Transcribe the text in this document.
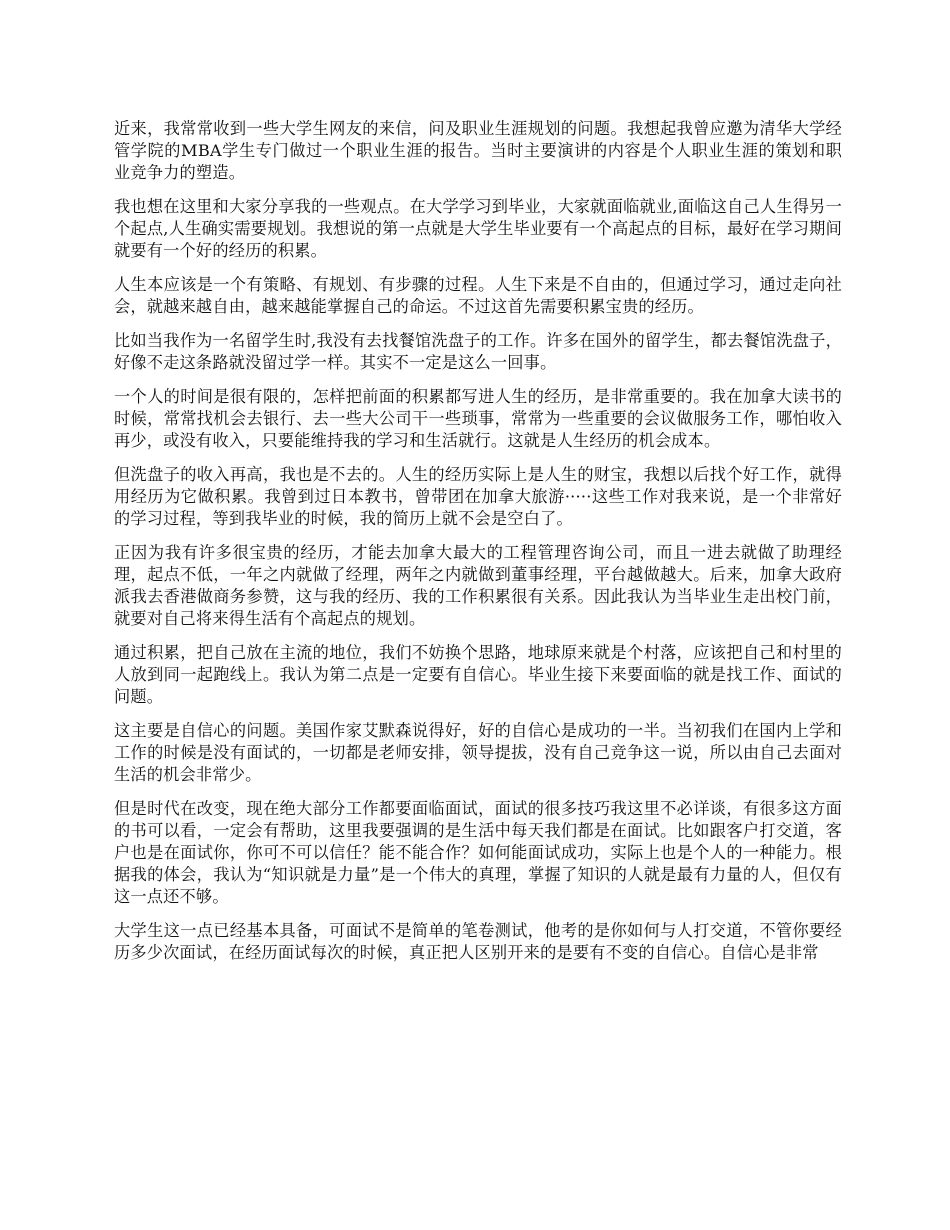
近来，我常常收到一些大学生网友的来信，问及职业生涯规划的问题。我想起我曾应邀为清华大学经管学院的MBA学生专门做过一个职业生涯的报告。当时主要演讲的内容是个人职业生涯的策划和职业竞争力的塑造。

我也想在这里和大家分享我的一些观点。在大学学习到毕业，大家就面临就业,面临这自己人生得另一个起点,人生确实需要规划。我想说的第一点就是大学生毕业要有一个高起点的目标，最好在学习期间就要有一个好的经历的积累。

人生本应该是一个有策略、有规划、有步骤的过程。人生下来是不自由的，但通过学习，通过走向社会，就越来越自由，越来越能掌握自己的命运。不过这首先需要积累宝贵的经历。

比如当我作为一名留学生时,我没有去找餐馆洗盘子的工作。许多在国外的留学生，都去餐馆洗盘子，好像不走这条路就没留过学一样。其实不一定是这么一回事。

一个人的时间是很有限的，怎样把前面的积累都写进人生的经历，是非常重要的。我在加拿大读书的时候，常常找机会去银行、去一些大公司干一些琐事，常常为一些重要的会议做服务工作，哪怕收入再少，或没有收入，只要能维持我的学习和生活就行。这就是人生经历的机会成本。

但洗盘子的收入再高，我也是不去的。人生的经历实际上是人生的财宝，我想以后找个好工作，就得用经历为它做积累。我曾到过日本教书，曾带团在加拿大旅游·····这些工作对我来说，是一个非常好的学习过程，等到我毕业的时候，我的简历上就不会是空白了。

正因为我有许多很宝贵的经历，才能去加拿大最大的工程管理咨询公司，而且一进去就做了助理经理，起点不低，一年之内就做了经理，两年之内就做到董事经理，平台越做越大。后来，加拿大政府派我去香港做商务参赞，这与我的经历、我的工作积累很有关系。因此我认为当毕业生走出校门前，就要对自己将来得生活有个高起点的规划。

通过积累，把自己放在主流的地位，我们不妨换个思路，地球原来就是个村落，应该把自己和村里的人放到同一起跑线上。我认为第二点是一定要有自信心。毕业生接下来要面临的就是找工作、面试的问题。

这主要是自信心的问题。美国作家艾默森说得好，好的自信心是成功的一半。当初我们在国内上学和工作的时候是没有面试的，一切都是老师安排，领导提拔，没有自己竞争这一说，所以由自己去面对生活的机会非常少。

但是时代在改变，现在绝大部分工作都要面临面试，面试的很多技巧我这里不必详谈，有很多这方面的书可以看，一定会有帮助，这里我要强调的是生活中每天我们都是在面试。比如跟客户打交道，客户也是在面试你，你可不可以信任？能不能合作？如何能面试成功，实际上也是个人的一种能力。根据我的体会，我认为“知识就是力量”是一个伟大的真理，掌握了知识的人就是最有力量的人，但仅有这一点还不够。

大学生这一点已经基本具备，可面试不是简单的笔卷测试，他考的是你如何与人打交道，不管你要经历多少次面试，在经历面试每次的时候，真正把人区别开来的是要有不变的自信心。自信心是非常
